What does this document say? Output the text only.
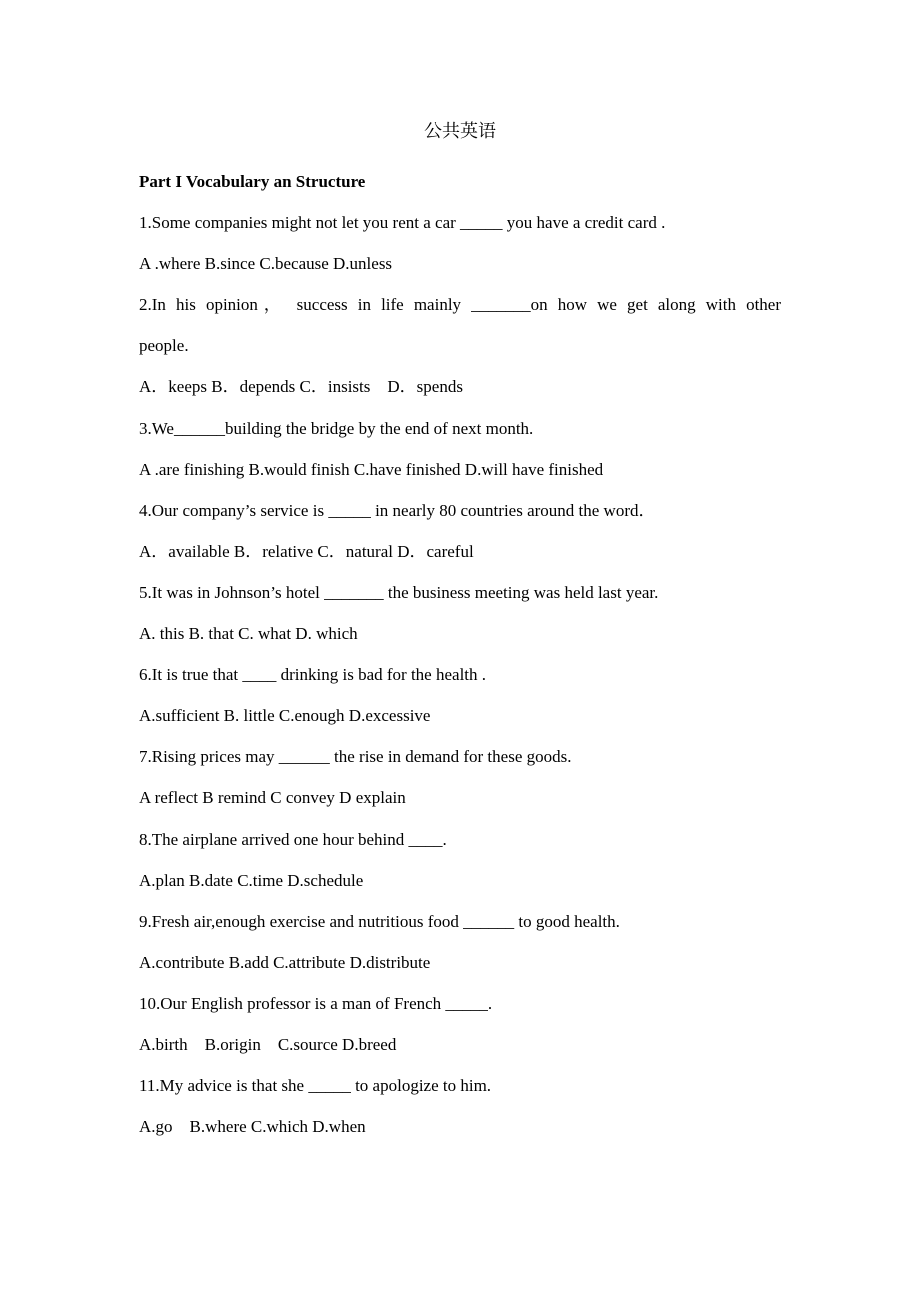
公共英语
Part I Vocabulary an Structure
1.Some companies might not let you rent a car _____ you have a credit card .
A .where B.since C.because D.unless
2.In his opinion， success in life mainly _______on how we get along with other
people.
A．keeps B．depends C．insists　D．spends
3.We______building the bridge by the end of next month.
A .are finishing B.would finish C.have finished D.will have finished
4.Our company’s service is _____ in nearly 80 countries around the word．
A．available B．relative C．natural D．careful
5.It was in Johnson’s hotel _______ the business meeting was held last year.
A. this B. that C. what D. which
6.It is true that ____ drinking is bad for the health .
A.sufficient B. little C.enough D.excessive
7.Rising prices may ______ the rise in demand for these goods.
A reflect B remind C convey D explain
8.The airplane arrived one hour behind ____.
A.plan B.date C.time D.schedule
9.Fresh air,enough exercise and nutritious food ______ to good health.
A.contribute B.add C.attribute D.distribute
10.Our English professor is a man of French _____.
A.birth　B.origin　C.source D.breed
11.My advice is that she _____ to apologize to him.
A.go　B.where C.which D.when
